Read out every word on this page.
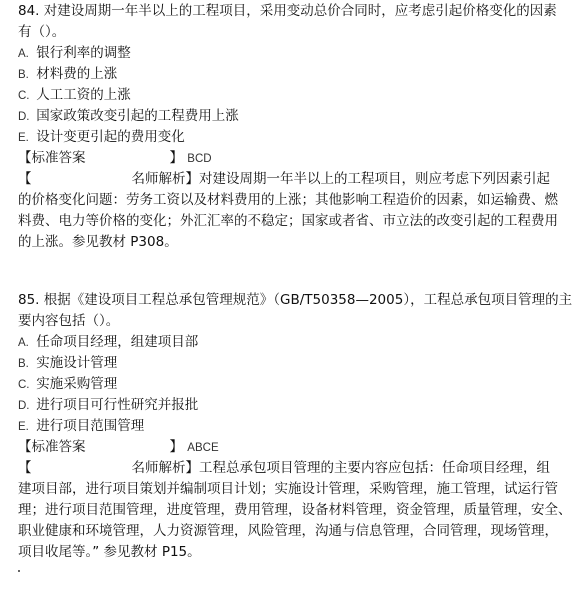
84. 对建设周期一年半以上的工程项目，采用变动总价合同时，应考虑引起价格变化的因素
有（）。
A. 银行利率的调整
B. 材料费的上涨
C. 人工工资的上涨
D. 国家政策改变引起的工程费用上涨
E. 设计变更引起的费用变化
【标准答案	】 BCD
【	名师解析】对建设周期一年半以上的工程项目，则应考虑下列因素引起
的价格变化问题：劳务工资以及材料费用的上涨；其他影响工程造价的因素，如运输费、燃
料费、电力等价格的变化；外汇汇率的不稳定；国家或者省、市立法的改变引起的工程费用
的上涨。参见教材 P308。
85. 根据《建设项目工程总承包管理规范》（GB/T50358—2005），工程总承包项目管理的主
要内容包括（）。
A. 任命项目经理，组建项目部
B. 实施设计管理
C. 实施采购管理
D. 进行项目可行性研究并报批
E. 进行项目范围管理
【标准答案	】 ABCE
【	名师解析】工程总承包项目管理的主要内容应包括：任命项目经理，组
建项目部，进行项目策划并编制项目计划；实施设计管理，采购管理，施工管理，试运行管
理；进行项目范围管理，进度管理，费用管理，设备材料管理，资金管理，质量管理，安全、
职业健康和环境管理，人力资源管理，风险管理，沟通与信息管理，合同管理，现场管理，
项目收尾等。” 参见教材 P15。
